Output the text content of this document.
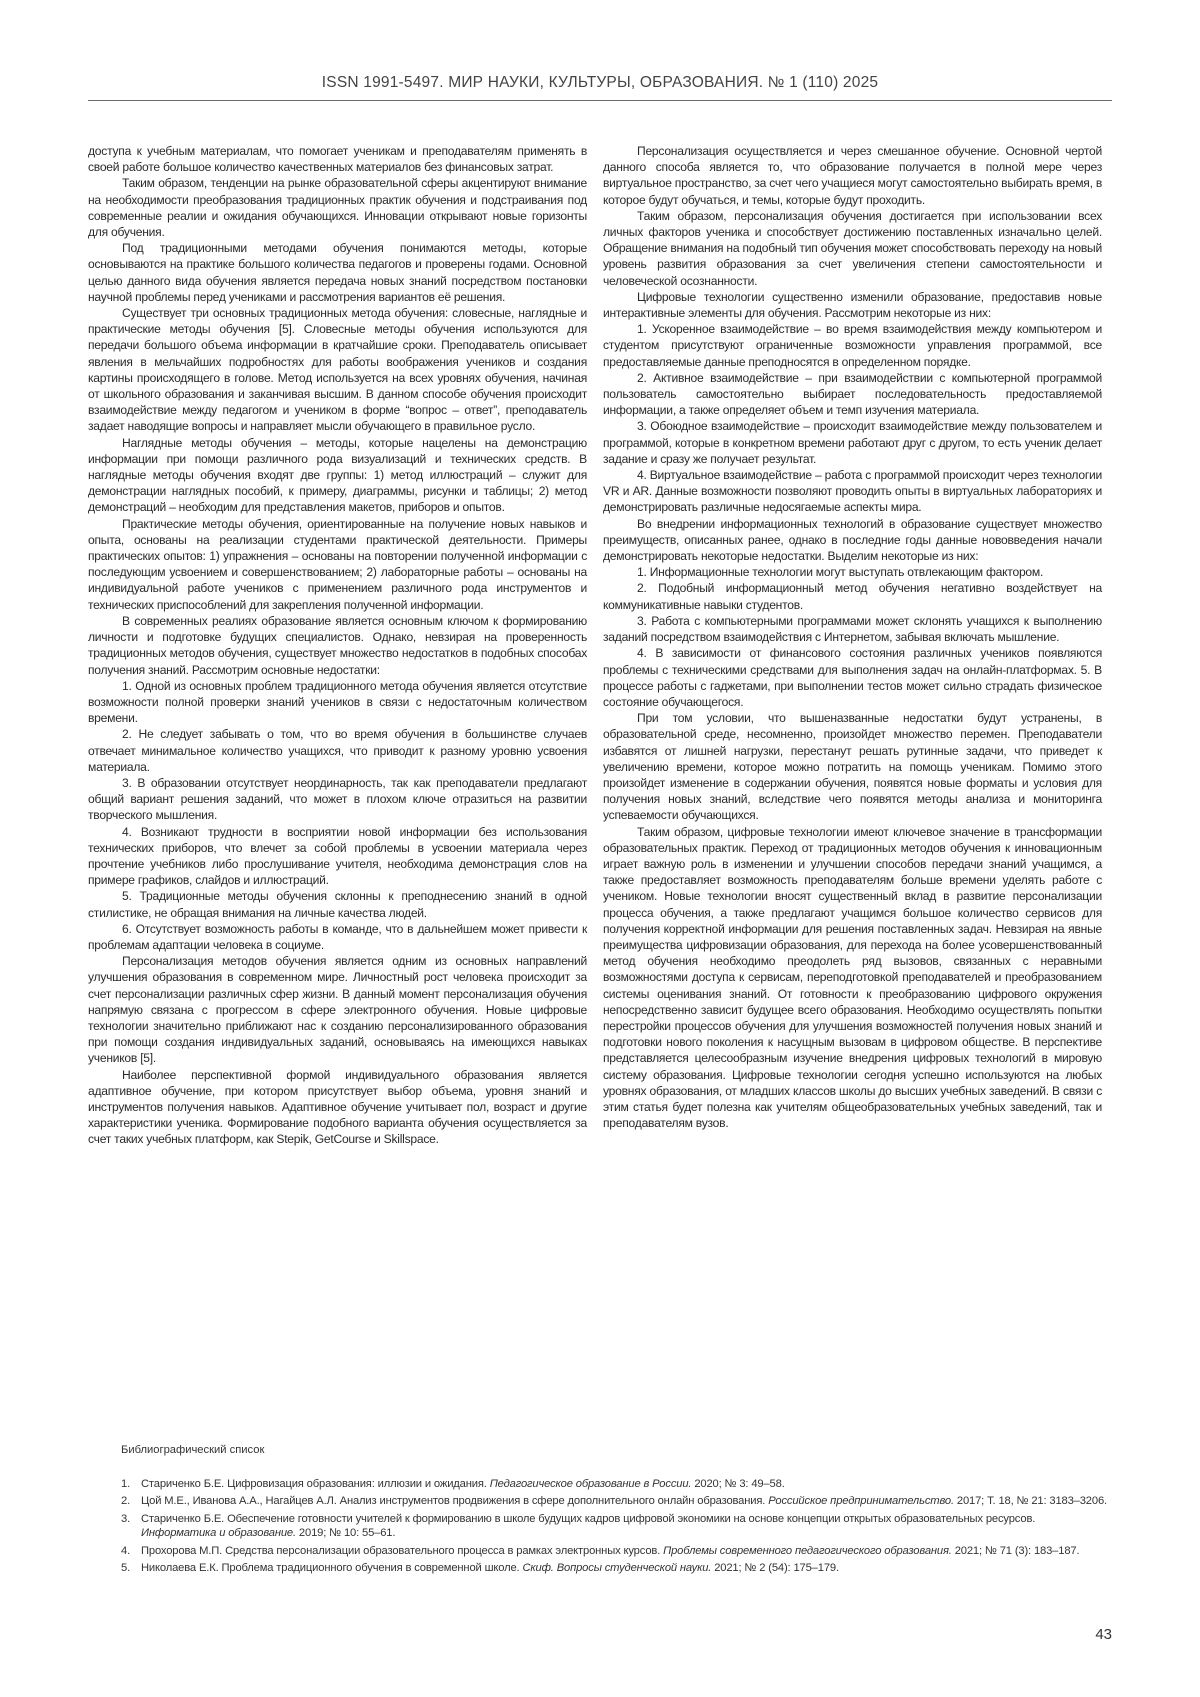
ISSN 1991-5497. МИР НАУКИ, КУЛЬТУРЫ, ОБРАЗОВАНИЯ. № 1 (110) 2025

доступа к учебным материалам, что помогает ученикам и преподавателям применять в своей работе большое количество качественных материалов без финансовых затрат.

Таким образом, тенденции на рынке образовательной сферы акцентируют внимание на необходимости преобразования традиционных практик обучения и подстраивания под современные реалии и ожидания обучающихся. Инновации открывают новые горизонты для обучения.

Под традиционными методами обучения понимаются методы, которые основываются на практике большого количества педагогов и проверены годами. Основной целью данного вида обучения является передача новых знаний посредством постановки научной проблемы перед учениками и рассмотрения вариантов её решения.

Существует три основных традиционных метода обучения: словесные, наглядные и практические методы обучения [5]. Словесные методы обучения используются для передачи большого объема информации в кратчайшие сроки. Преподаватель описывает явления в мельчайших подробностях для работы воображения учеников и создания картины происходящего в голове. Метод используется на всех уровнях обучения, начиная от школьного образования и заканчивая высшим. В данном способе обучения происходит взаимодействие между педагогом и учеником в форме “вопрос – ответ”, преподаватель задает наводящие вопросы и направляет мысли обучающего в правильное русло.

Наглядные методы обучения – методы, которые нацелены на демонстрацию информации при помощи различного рода визуализаций и технических средств. В наглядные методы обучения входят две группы: 1) метод иллюстраций – служит для демонстрации наглядных пособий, к примеру, диаграммы, рисунки и таблицы; 2) метод демонстраций – необходим для представления макетов, приборов и опытов.

Практические методы обучения, ориентированные на получение новых навыков и опыта, основаны на реализации студентами практической деятельности. Примеры практических опытов: 1) упражнения – основаны на повторении полученной информации с последующим усвоением и совершенствованием; 2) лабораторные работы – основаны на индивидуальной работе учеников с применением различного рода инструментов и технических приспособлений для закрепления полученной информации.

В современных реалиях образование является основным ключом к формированию личности и подготовке будущих специалистов. Однако, невзирая на проверенность традиционных методов обучения, существует множество недостатков в подобных способах получения знаний. Рассмотрим основные недостатки:

1. Одной из основных проблем традиционного метода обучения является отсутствие возможности полной проверки знаний учеников в связи с недостаточным количеством времени.

2. Не следует забывать о том, что во время обучения в большинстве случаев отвечает минимальное количество учащихся, что приводит к разному уровню усвоения материала.

3. В образовании отсутствует неординарность, так как преподаватели предлагают общий вариант решения заданий, что может в плохом ключе отразиться на развитии творческого мышления.

4. Возникают трудности в восприятии новой информации без использования технических приборов, что влечет за собой проблемы в усвоении материала через прочтение учебников либо прослушивание учителя, необходима демонстрация слов на примере графиков, слайдов и иллюстраций.

5. Традиционные методы обучения склонны к преподнесению знаний в одной стилистике, не обращая внимания на личные качества людей.

6. Отсутствует возможность работы в команде, что в дальнейшем может привести к проблемам адаптации человека в социуме.

Персонализация методов обучения является одним из основных направлений улучшения образования в современном мире. Личностный рост человека происходит за счет персонализации различных сфер жизни. В данный момент персонализация обучения напрямую связана с прогрессом в сфере электронного обучения. Новые цифровые технологии значительно приближают нас к созданию персонализированного образования при помощи создания индивидуальных заданий, основываясь на имеющихся навыках учеников [5].

Наиболее перспективной формой индивидуального образования является адаптивное обучение, при котором присутствует выбор объема, уровня знаний и инструментов получения навыков. Адаптивное обучение учитывает пол, возраст и другие характеристики ученика. Формирование подобного варианта обучения осуществляется за счет таких учебных платформ, как Stepik, GetCourse и Skillspace.

Персонализация осуществляется и через смешанное обучение. Основной чертой данного способа является то, что образование получается в полной мере через виртуальное пространство, за счет чего учащиеся могут самостоятельно выбирать время, в которое будут обучаться, и темы, которые будут проходить.

Таким образом, персонализация обучения достигается при использовании всех личных факторов ученика и способствует достижению поставленных изначально целей. Обращение внимания на подобный тип обучения может способствовать переходу на новый уровень развития образования за счет увеличения степени самостоятельности и человеческой осознанности.

Цифровые технологии существенно изменили образование, предоставив новые интерактивные элементы для обучения. Рассмотрим некоторые из них:

1. Ускоренное взаимодействие – во время взаимодействия между компьютером и студентом присутствуют ограниченные возможности управления программой, все предоставляемые данные преподносятся в определенном порядке.

2. Активное взаимодействие – при взаимодействии с компьютерной программой пользователь самостоятельно выбирает последовательность предоставляемой информации, а также определяет объем и темп изучения материала.

3. Обоюдное взаимодействие – происходит взаимодействие между пользователем и программой, которые в конкретном времени работают друг с другом, то есть ученик делает задание и сразу же получает результат.

4. Виртуальное взаимодействие – работа с программой происходит через технологии VR и AR. Данные возможности позволяют проводить опыты в виртуальных лабораториях и демонстрировать различные недосягаемые аспекты мира.

Во внедрении информационных технологий в образование существует множество преимуществ, описанных ранее, однако в последние годы данные нововведения начали демонстрировать некоторые недостатки. Выделим некоторые из них:

1. Информационные технологии могут выступать отвлекающим фактором.

2. Подобный информационный метод обучения негативно воздействует на коммуникативные навыки студентов.

3. Работа с компьютерными программами может склонять учащихся к выполнению заданий посредством взаимодействия с Интернетом, забывая включать мышление.

4. В зависимости от финансового состояния различных учеников появляются проблемы с техническими средствами для выполнения задач на онлайн-платформах. 5. В процессе работы с гаджетами, при выполнении тестов может сильно страдать физическое состояние обучающегося.

При том условии, что вышеназванные недостатки будут устранены, в образовательной среде, несомненно, произойдет множество перемен. Преподаватели избавятся от лишней нагрузки, перестанут решать рутинные задачи, что приведет к увеличению времени, которое можно потратить на помощь ученикам. Помимо этого произойдет изменение в содержании обучения, появятся новые форматы и условия для получения новых знаний, вследствие чего появятся методы анализа и мониторинга успеваемости обучающихся.

Таким образом, цифровые технологии имеют ключевое значение в трансформации образовательных практик. Переход от традиционных методов обучения к инновационным играет важную роль в изменении и улучшении способов передачи знаний учащимся, а также предоставляет возможность преподавателям больше времени уделять работе с учеником. Новые технологии вносят существенный вклад в развитие персонализации процесса обучения, а также предлагают учащимся большое количество сервисов для получения корректной информации для решения поставленных задач. Невзирая на явные преимущества цифровизации образования, для перехода на более усовершенствованный метод обучения необходимо преодолеть ряд вызовов, связанных с неравными возможностями доступа к сервисам, переподготовкой преподавателей и преобразованием системы оценивания знаний. От готовности к преобразованию цифрового окружения непосредственно зависит будущее всего образования. Необходимо осуществлять попытки перестройки процессов обучения для улучшения возможностей получения новых знаний и подготовки нового поколения к насущным вызовам в цифровом обществе. В перспективе представляется целесообразным изучение внедрения цифровых технологий в мировую систему образования. Цифровые технологии сегодня успешно используются на любых уровнях образования, от младших классов школы до высших учебных заведений. В связи с этим статья будет полезна как учителям общеобразовательных учебных заведений, так и преподавателям вузов.

Библиографический список
1. Стариченко Б.Е. Цифровизация образования: иллюзии и ожидания. Педагогическое образование в России. 2020; № 3: 49–58.
2. Цой М.Е., Иванова А.А., Нагайцев А.Л. Анализ инструментов продвижения в сфере дополнительного онлайн образования. Российское предпринимательство. 2017; Т. 18, № 21: 3183–3206.
3. Стариченко Б.Е. Обеспечение готовности учителей к формированию в школе будущих кадров цифровой экономики на основе концепции открытых образовательных ресурсов. Информатика и образование. 2019; № 10: 55–61.
4. Прохорова М.П. Средства персонализации образовательного процесса в рамках электронных курсов. Проблемы современного педагогического образования. 2021; № 71 (3): 183–187.
5. Николаева Е.К. Проблема традиционного обучения в современной школе. Скиф. Вопросы студенческой науки. 2021; № 2 (54): 175–179.
43
